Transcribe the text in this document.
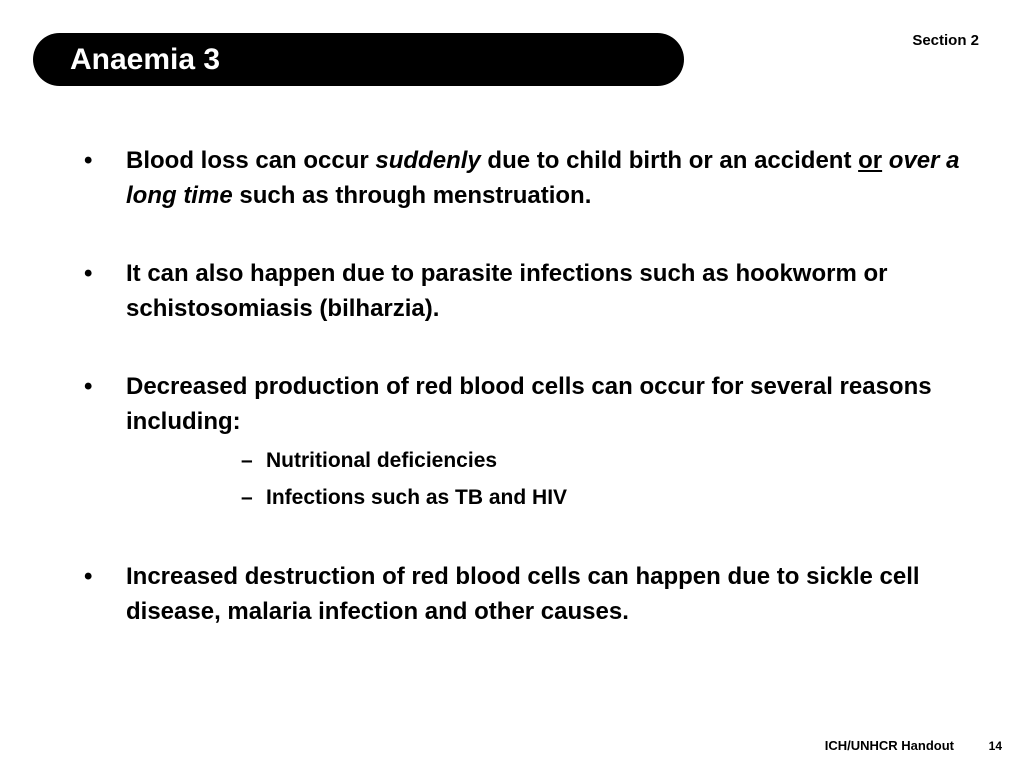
Anaemia 3
Section 2
• Blood loss can occur suddenly due to child birth or an accident or over a long time such as through menstruation.
• It can also happen due to parasite infections such as hookworm or schistosomiasis (bilharzia).
• Decreased production of red blood cells can occur for several reasons including:
– Nutritional deficiencies
– Infections such as TB and HIV
• Increased destruction of red blood cells can happen due to sickle cell disease, malaria infection and other causes.
ICH/UNHCR Handout	14
